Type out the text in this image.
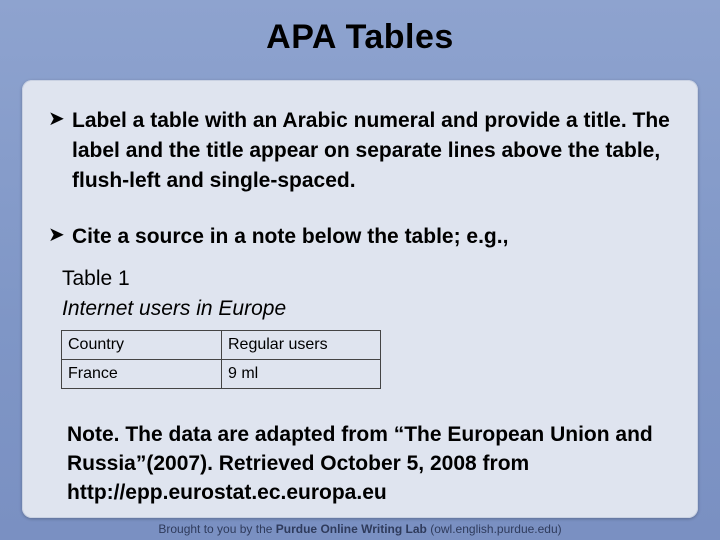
APA Tables
➤ Label a table with an Arabic numeral and provide a title. The label and the title appear on separate lines above the table, flush-left and single-spaced.
➤ Cite a source in a note below the table; e.g.,
Table 1
Internet users in Europe
Country	Regular users
France	9 ml
Note. The data are adapted from “The European Union and Russia”(2007). Retrieved October 5, 2008 from http://epp.eurostat.ec.europa.eu
Brought to you by the Purdue Online Writing Lab (owl.english.purdue.edu)
